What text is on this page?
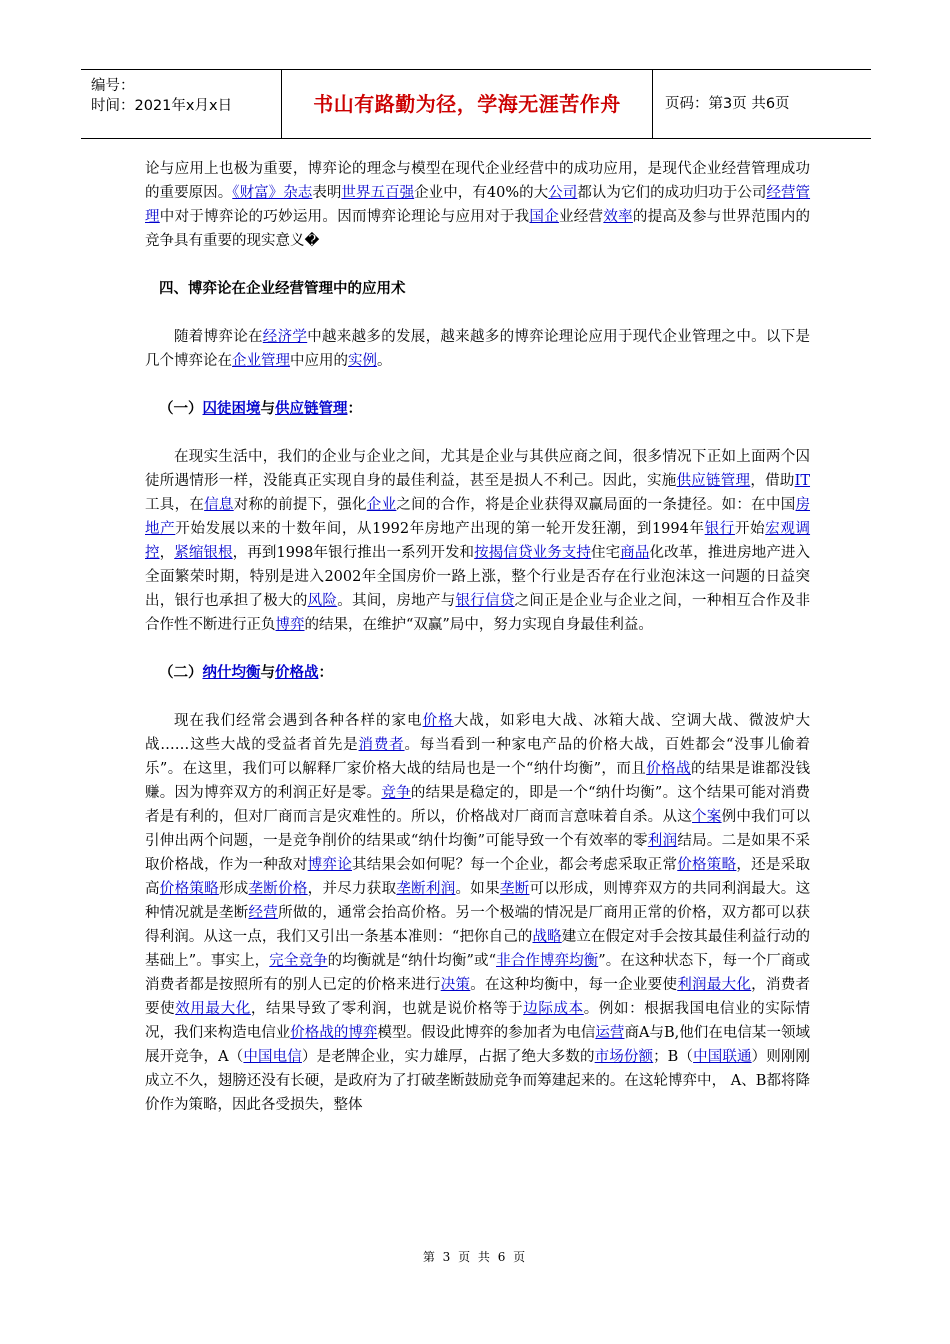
编号：
时间：2021年x月x日	书山有路勤为径，学海无涯苦作舟	页码：第3页 共6页

论与应用上也极为重要，博弈论的理念与模型在现代企业经营中的成功应用，是现代企业经营管理成功的重要原因。《财富》杂志表明世界五百强企业中，有40%的大公司都认为它们的成功归功于公司经营管理中对于博弈论的巧妙运用。因而博弈论理论与应用对于我国企业经营效率的提高及参与世界范围内的竞争具有重要的现实意义�

四、博弈论在企业经营管理中的应用术

随着博弈论在经济学中越来越多的发展，越来越多的博弈论理论应用于现代企业管理之中。以下是几个博弈论在企业管理中应用的实例。

（一）囚徒困境与供应链管理：

在现实生活中，我们的企业与企业之间，尤其是企业与其供应商之间，很多情况下正如上面两个囚徒所遇情形一样，没能真正实现自身的最佳利益，甚至是损人不利己。因此，实施供应链管理，借助IT工具，在信息对称的前提下，强化企业之间的合作，将是企业获得双赢局面的一条捷径。如：在中国房地产开始发展以来的十数年间，从1992年房地产出现的第一轮开发狂潮，到1994年银行开始宏观调控，紧缩银根，再到1998年银行推出一系列开发和按揭信贷业务支持住宅商品化改革，推进房地产进入全面繁荣时期，特别是进入2002年全国房价一路上涨，整个行业是否存在行业泡沫这一问题的日益突出，银行也承担了极大的风险。其间，房地产与银行信贷之间正是企业与企业之间，一种相互合作及非合作性不断进行正负博弈的结果，在维护“双赢”局中，努力实现自身最佳利益。

（二）纳什均衡与价格战：

现在我们经常会遇到各种各样的家电价格大战，如彩电大战、冰箱大战、空调大战、微波炉大战……这些大战的受益者首先是消费者。每当看到一种家电产品的价格大战，百姓都会“没事儿偷着乐”。在这里，我们可以解释厂家价格大战的结局也是一个“纳什均衡”，而且价格战的结果是谁都没钱赚。因为博弈双方的利润正好是零。竞争的结果是稳定的，即是一个“纳什均衡”。这个结果可能对消费者是有利的，但对厂商而言是灾难性的。所以，价格战对厂商而言意味着自杀。从这个案例中我们可以引伸出两个问题，一是竞争削价的结果或“纳什均衡”可能导致一个有效率的零利润结局。二是如果不采取价格战，作为一种敌对博弈论其结果会如何呢？每一个企业，都会考虑采取正常价格策略，还是采取高价格策略形成垄断价格，并尽力获取垄断利润。如果垄断可以形成，则博弈双方的共同利润最大。这种情况就是垄断经营所做的，通常会抬高价格。另一个极端的情况是厂商用正常的价格，双方都可以获得利润。从这一点，我们又引出一条基本准则：“把你自己的战略建立在假定对手会按其最佳利益行动的基础上”。事实上，完全竞争的均衡就是“纳什均衡”或“非合作博弈均衡”。在这种状态下，每一个厂商或消费者都是按照所有的别人已定的价格来进行决策。在这种均衡中，每一企业要使利润最大化，消费者要使效用最大化，结果导致了零利润，也就是说价格等于边际成本。例如：根据我国电信业的实际情况，我们来构造电信业价格战的博弈模型。假设此博弈的参加者为电信运营商A与B,他们在电信某一领域展开竞争，A（中国电信）是老牌企业，实力雄厚，占据了绝大多数的市场份额；B（中国联通）则刚刚成立不久，翅膀还没有长硬，是政府为了打破垄断鼓励竞争而筹建起来的。在这轮博弈中， A、B都将降价作为策略，因此各受损失，整体

第 3 页 共 6 页
